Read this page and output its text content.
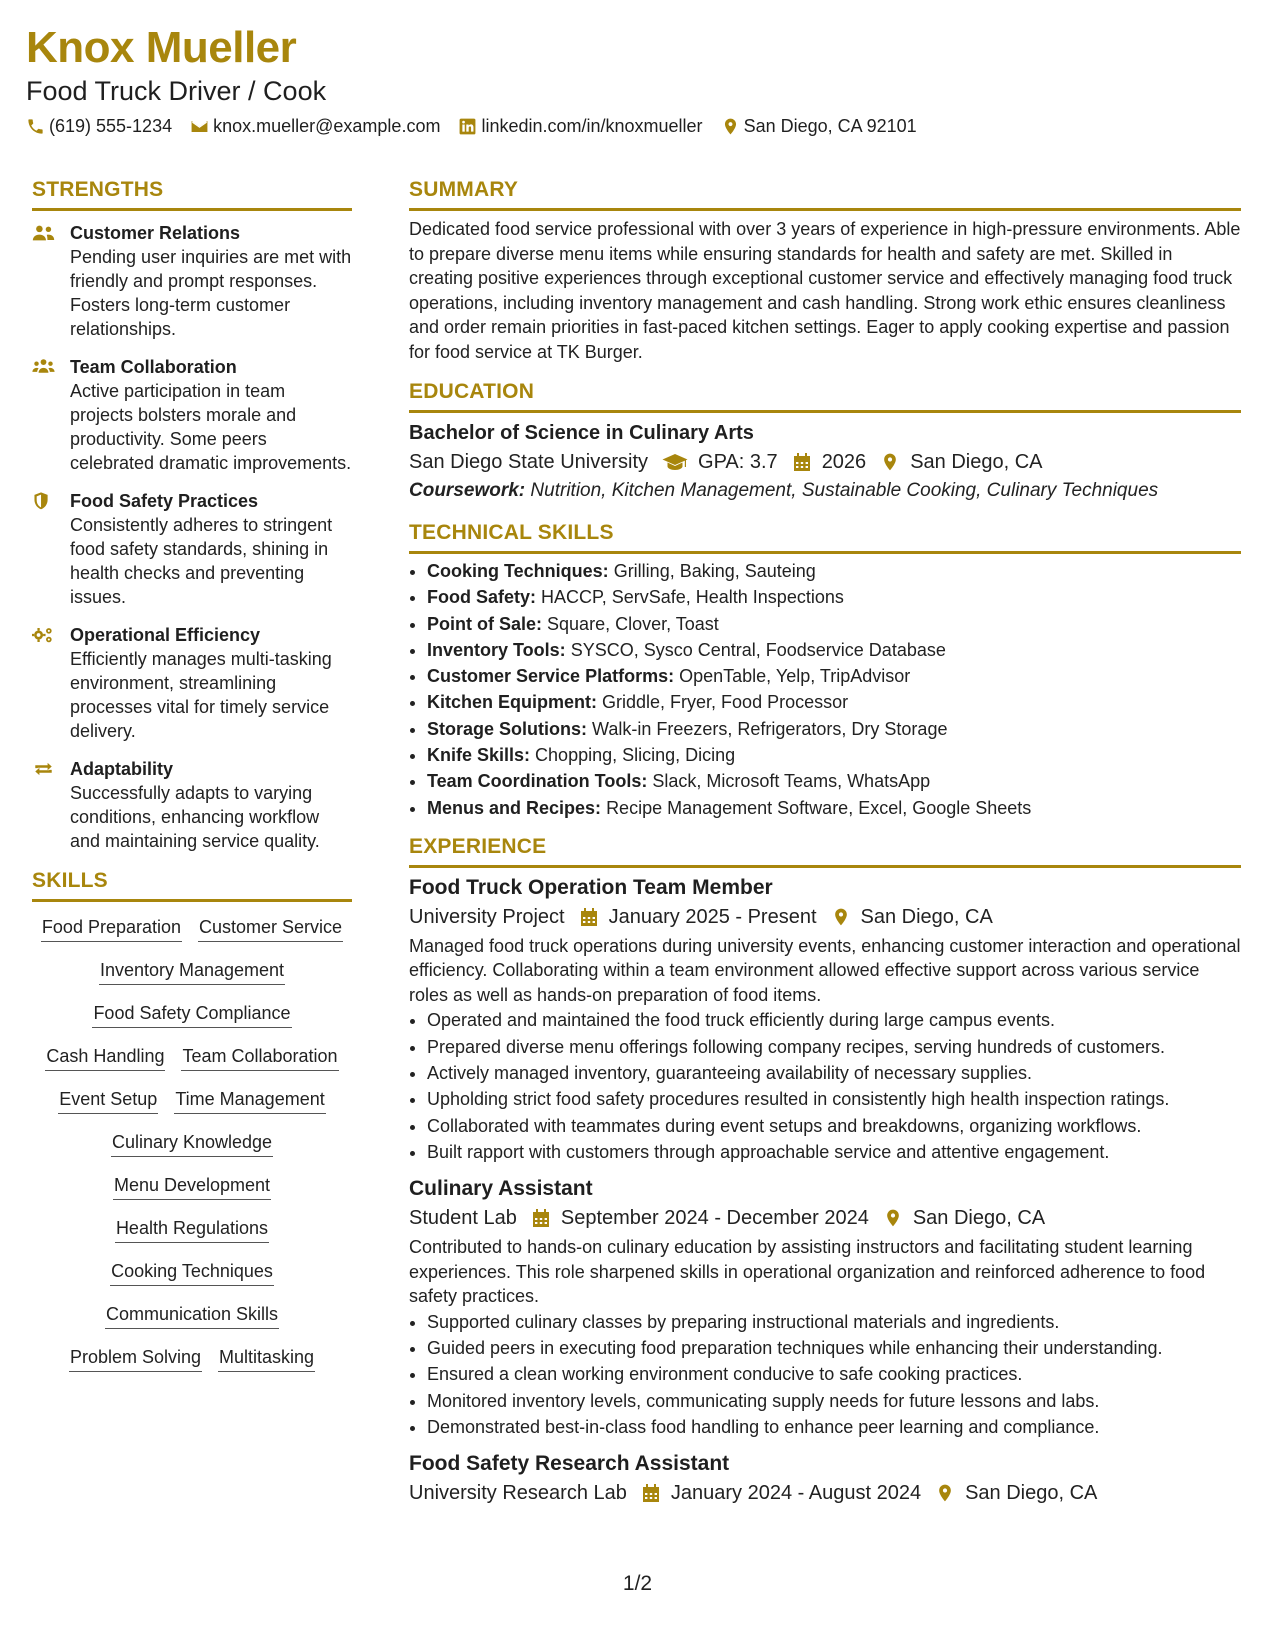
Knox Mueller
Food Truck Driver / Cook
(619) 555-1234 knox.mueller@example.com linkedin.com/in/knoxmueller San Diego, CA 92101
STRENGTHS
Customer Relations
Pending user inquiries are met with friendly and prompt responses. Fosters long-term customer relationships.
Team Collaboration
Active participation in team projects bolsters morale and productivity. Some peers celebrated dramatic improvements.
Food Safety Practices
Consistently adheres to stringent food safety standards, shining in health checks and preventing issues.
Operational Efficiency
Efficiently manages multi-tasking environment, streamlining processes vital for timely service delivery.
Adaptability
Successfully adapts to varying conditions, enhancing workflow and maintaining service quality.
SKILLS
Food Preparation Customer Service
Inventory Management
Food Safety Compliance
Cash Handling Team Collaboration
Event Setup Time Management
Culinary Knowledge
Menu Development
Health Regulations
Cooking Techniques
Communication Skills
Problem Solving Multitasking
SUMMARY
Dedicated food service professional with over 3 years of experience in high-pressure environments. Able to prepare diverse menu items while ensuring standards for health and safety are met. Skilled in creating positive experiences through exceptional customer service and effectively managing food truck operations, including inventory management and cash handling. Strong work ethic ensures cleanliness and order remain priorities in fast-paced kitchen settings. Eager to apply cooking expertise and passion for food service at TK Burger.
EDUCATION
Bachelor of Science in Culinary Arts
San Diego State University	GPA: 3.7 2026 San Diego, CA
Coursework: Nutrition, Kitchen Management, Sustainable Cooking, Culinary Techniques
TECHNICAL SKILLS
• Cooking Techniques: Grilling, Baking, Sauteing
• Food Safety: HACCP, ServSafe, Health Inspections
• Point of Sale: Square, Clover, Toast
• Inventory Tools: SYSCO, Sysco Central, Foodservice Database
• Customer Service Platforms: OpenTable, Yelp, TripAdvisor
• Kitchen Equipment: Griddle, Fryer, Food Processor
• Storage Solutions: Walk-in Freezers, Refrigerators, Dry Storage
• Knife Skills: Chopping, Slicing, Dicing
• Team Coordination Tools: Slack, Microsoft Teams, WhatsApp
• Menus and Recipes: Recipe Management Software, Excel, Google Sheets
EXPERIENCE
Food Truck Operation Team Member
University Project January 2025 - Present San Diego, CA
Managed food truck operations during university events, enhancing customer interaction and operational efficiency. Collaborating within a team environment allowed effective support across various service roles as well as hands-on preparation of food items.
• Operated and maintained the food truck efficiently during large campus events.
• Prepared diverse menu offerings following company recipes, serving hundreds of customers.
• Actively managed inventory, guaranteeing availability of necessary supplies.
• Upholding strict food safety procedures resulted in consistently high health inspection ratings.
• Collaborated with teammates during event setups and breakdowns, organizing workflows.
• Built rapport with customers through approachable service and attentive engagement.
Culinary Assistant
Student Lab September 2024 - December 2024 San Diego, CA
Contributed to hands-on culinary education by assisting instructors and facilitating student learning experiences. This role sharpened skills in operational organization and reinforced adherence to food safety practices.
• Supported culinary classes by preparing instructional materials and ingredients.
• Guided peers in executing food preparation techniques while enhancing their understanding.
• Ensured a clean working environment conducive to safe cooking practices.
• Monitored inventory levels, communicating supply needs for future lessons and labs.
• Demonstrated best-in-class food handling to enhance peer learning and compliance.
Food Safety Research Assistant
University Research Lab January 2024 - August 2024 San Diego, CA
1/2
